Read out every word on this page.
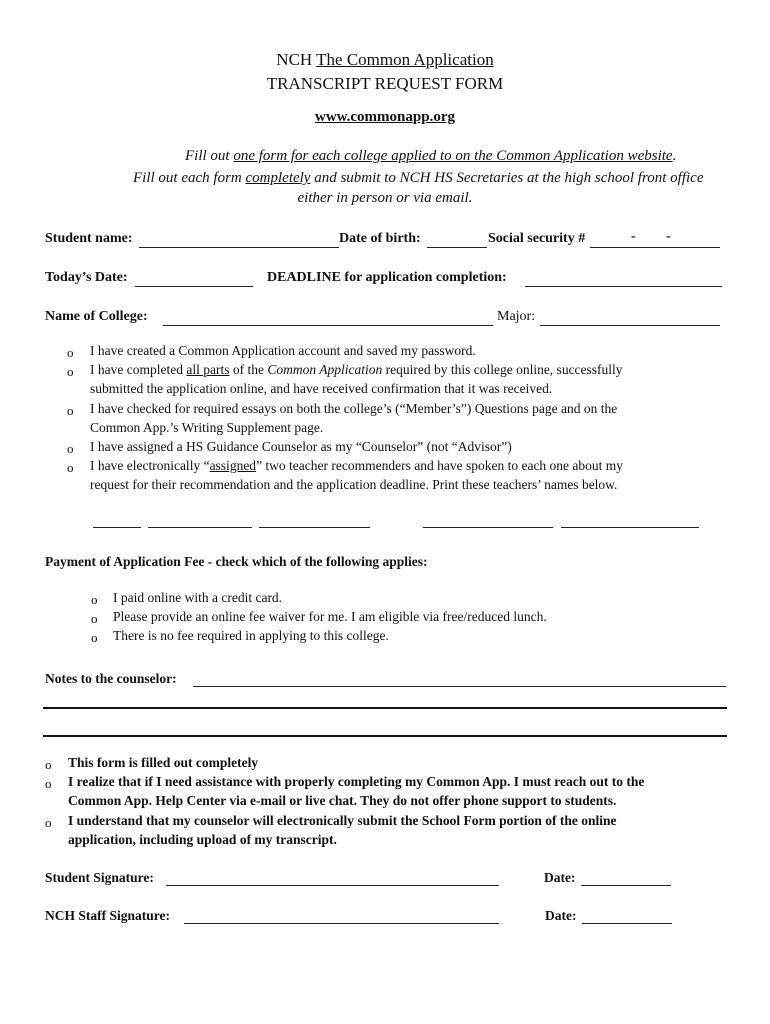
NCH The Common Application
TRANSCRIPT REQUEST FORM
www.commonapp.org
Fill out one form for each college applied to on the Common Application website.
Fill out each form completely and submit to NCH HS Secretaries at the high school front office
either in person or via email.
Student name:	Date of birth:	Social security #	- -
Today’s Date:	DEADLINE for application completion:
Name of College:	Major:
o I have created a Common Application account and saved my password.
o I have completed all parts of the Common Application required by this college online, successfully
submitted the application online, and have received confirmation that it was received.
o I have checked for required essays on both the college’s (“Member’s”) Questions page and on the
Common App.’s Writing Supplement page.
o I have assigned a HS Guidance Counselor as my “Counselor” (not “Advisor”)
o I have electronically “assigned” two teacher recommenders and have spoken to each one about my
request for their recommendation and the application deadline. Print these teachers’ names below.
Payment of Application Fee - check which of the following applies:
o I paid online with a credit card.
o Please provide an online fee waiver for me. I am eligible via free/reduced lunch.
o There is no fee required in applying to this college.
Notes to the counselor:
o This form is filled out completely
o I realize that if I need assistance with properly completing my Common App. I must reach out to the
Common App. Help Center via e-mail or live chat. They do not offer phone support to students.
o I understand that my counselor will electronically submit the School Form portion of the online
application, including upload of my transcript.
Student Signature:	Date:
NCH Staff Signature:	Date:
